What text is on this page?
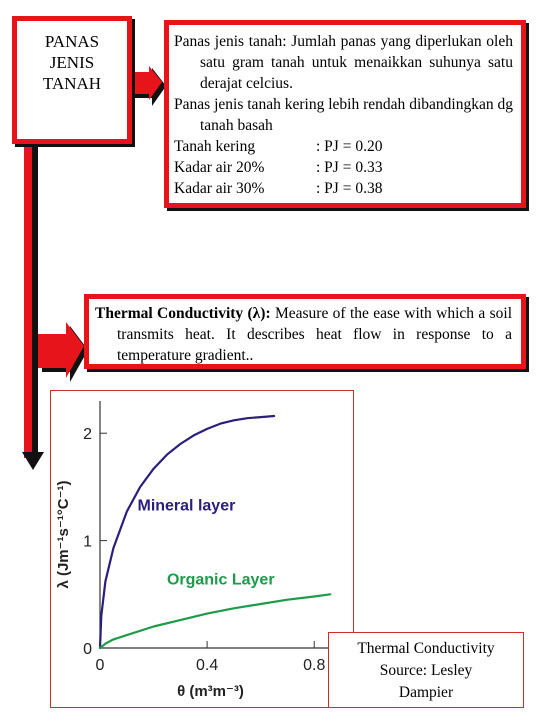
PANAS
JENIS
TANAH
Panas jenis tanah: Jumlah panas yang diperlukan oleh satu gram tanah untuk menaikkan suhunya satu derajat celcius.
Panas jenis tanah kering lebih rendah dibandingkan dg tanah basah
Tanah kering	: PJ = 0.20
Kadar air 20%	: PJ = 0.33
Kadar air 30%	: PJ = 0.38
Thermal Conductivity (λ): Measure of the ease with which a soil transmits heat. It describes heat flow in response to a temperature gradient..
0	0.4	0.8
0
1
2
θ (m³m⁻³)
λ (Jm⁻¹s⁻¹°C⁻¹)	Mineral layer
Organic Layer
Thermal Conductivity
Source: Lesley
Dampier
